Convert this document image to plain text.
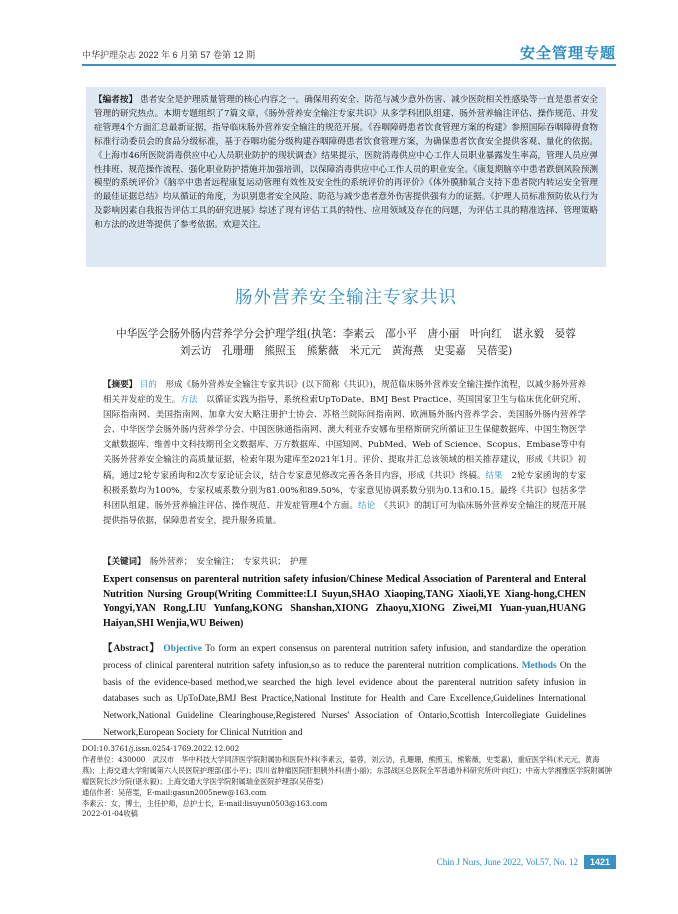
中华护理杂志 2022 年 6 月第 57 卷第 12 期	安全管理专题
【编者按】 患者安全是护理质量管理的核心内容之一。确保用药安全、防范与减少意外伤害、减少医院相关性感染等一直是患者安全管理的研究热点。本期专题组织了7篇文章，《肠外营养安全输注专家共识》从多学科团队组建、肠外营养输注评估、操作规范、并发症管理4个方面汇总最新证据，指导临床肠外营养安全输注的规范开展。《吞咽障碍患者饮食管理方案的构建》参照国际吞咽障碍食物标准行动委员会的食品分级标准，基于吞咽功能分级构建吞咽障碍患者饮食管理方案，为确保患者饮食安全提供客观、量化的依据。《上海市46所医院消毒供应中心人员职业防护的现状调查》结果提示，医院消毒供应中心工作人员职业暴露发生率高，管理人员应弹性排班、规范操作流程、强化职业防护措施并加强培训，以保障消毒供应中心工作人员的职业安全。《康复期脑卒中患者跌倒风险预测模型的系统评价》《脑卒中患者远程康复运动管理有效性及安全性的系统评价的再评价》《体外膜肺氧合支持下患者院内转运安全管理的最佳证据总结》均从循证的角度，为识别患者安全风险、防范与减少患者意外伤害提供强有力的证据。《护理人员标准预防依从行为及影响因素自我报告评估工具的研究进展》综述了现有评估工具的特性、应用领域及存在的问题，为评估工具的精准选择、管理策略和方法的改进等提供了参考依据。欢迎关注。
肠外营养安全输注专家共识
中华医学会肠外肠内营养学分会护理学组(执笔：李素云　邵小平　唐小丽　叶向红　谌永毅　晏蓉
刘云访　孔珊珊　熊照玉　熊紫薇　米元元　黄海燕　史雯嘉　吴蓓雯)
【摘要】 目的　形成《肠外营养安全输注专家共识》(以下简称《共识》)，规范临床肠外营养安全输注操作流程，以减少肠外营养相关并发症的发生。方法　以循证实践为指导，系统检索UpToDate、BMJ Best Practice、英国国家卫生与临床优化研究所、国际指南网、美国指南网、加拿大安大略注册护士协会、苏格兰院际间指南网、欧洲肠外肠内营养学会、美国肠外肠内营养学会、中华医学会肠外肠内营养学分会、中国医脉通指南网、澳大利亚乔安娜布里格斯研究所循证卫生保健数据库、中国生物医学文献数据库、维普中文科技期刊全文数据库、万方数据库、中国知网、PubMed、Web of Science、Scopus、Embase等中有关肠外营养安全输注的高质量证据，检索年限为建库至2021年1月。评价、提取并汇总该领域的相关推荐建议，形成《共识》初稿，通过2轮专家函询和2次专家论证会议，结合专家意见修改完善各条目内容，形成《共识》终稿。结果　2轮专家函询的专家积极系数均为100%，专家权威系数分别为81.00%和89.50%，专家意见协调系数分别为0.13和0.15。最终《共识》包括多学科团队组建、肠外营养输注评估、操作规范、并发症管理4个方面。结论　《共识》的制订可为临床肠外营养安全输注的规范开展提供指导依据，保障患者安全，提升服务质量。
【关键词】　肠外营养；　安全输注；　专家共识；　护理
Expert consensus on parenteral nutrition safety infusion/Chinese Medical Association of Parenteral and Enteral Nutrition Nursing Group(Writing Committee:LI Suyun,SHAO Xiaoping,TANG Xiaoli,YE Xiang-hong,CHEN Yongyi,YAN Rong,LIU Yunfang,KONG Shanshan,XIONG Zhaoyu,XIONG Ziwei,MI Yuan-yuan,HUANG Haiyan,SHI Wenjia,WU Beiwen)
【Abstract】 Objective To form an expert consensus on parenteral nutrition safety infusion, and standardize the operation process of clinical parenteral nutrition safety infusion,so as to reduce the parenteral nutrition complications. Methods On the basis of the evidence-based method,we searched the high level evidence about the parenteral nutrition safety infusion in databases such as UpToDate,BMJ Best Practice,National Institute for Health and Care Excellence,Guidelines International Network,National Guideline Clearinghouse,Registered Nurses' Association of Ontario,Scottish Intercollegiate Guidelines Network,European Society for Clinical Nutrition and
DOI:10.3761/j.issn.0254-1769.2022.12.002
作者单位：430000　武汉市　华中科技大学同济医学院附属协和医院外科(李素云，晏蓉，刘云访，孔珊珊，熊照玉，熊紫薇，史雯嘉)，重症医学科(米元元，黄海燕)；上海交通大学附属第六人民医院护理部(邵小平)；四川省肿瘤医院肝胆胰外科(唐小丽)；东部战区总医院全军普通外科研究所(叶向红)；中南大学湘雅医学院附属肿瘤医院长沙分院(谌永毅)；上海交通大学医学院附属瑞金医院护理部(吴蓓雯)
通信作者：吴蓓雯，E-mail:gasun2005new@163.com
李素云：女，博士，主任护师，总护士长，E-mail:lisuyun0503@163.com
2022-01-04收稿
Chin J Nurs, June 2022, Vol.57, No. 12	1421
